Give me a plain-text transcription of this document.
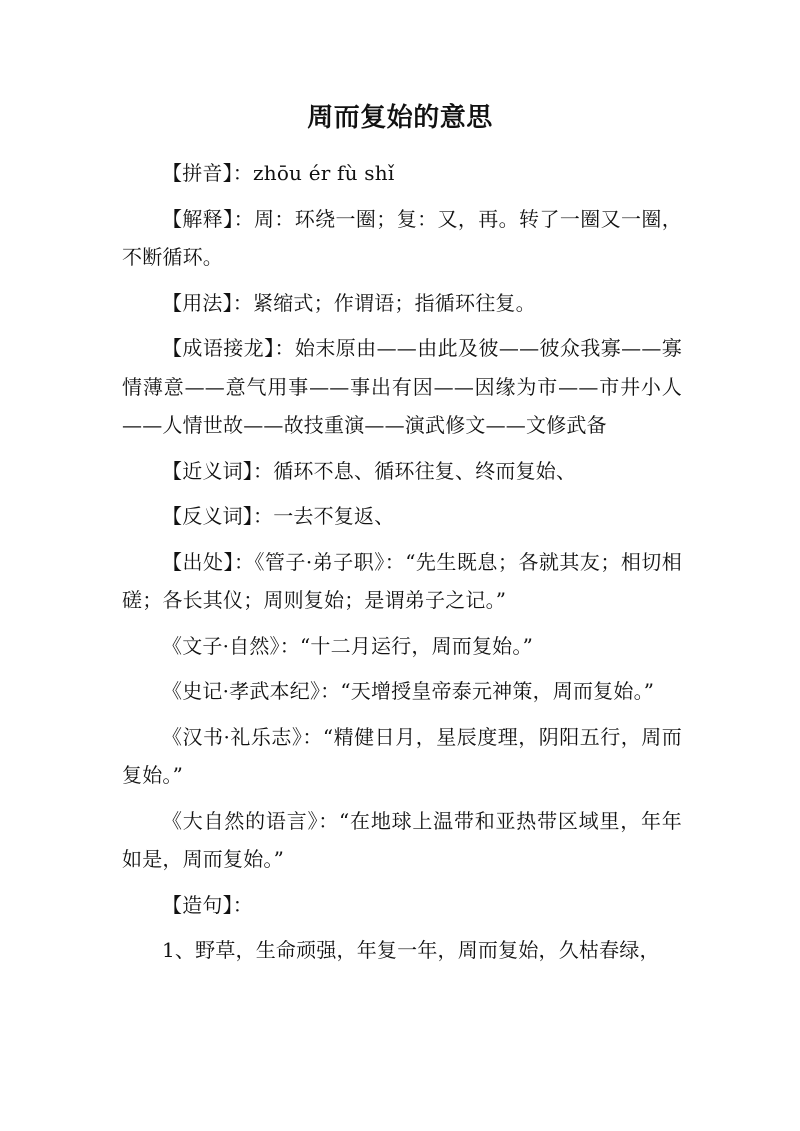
周而复始的意思

【拼音】：zhōu ér fù shǐ

【解释】：周：环绕一圈；复：又，再。转了一圈又一圈，不断循环。

【用法】：紧缩式；作谓语；指循环往复。

【成语接龙】：始末原由——由此及彼——彼众我寡——寡情薄意——意气用事——事出有因——因缘为市——市井小人——人情世故——故技重演——演武修文——文修武备

【近义词】：循环不息、循环往复、终而复始、

【反义词】：一去不复返、

【出处】：《管子·弟子职》：“先生既息；各就其友；相切相磋；各长其仪；周则复始；是谓弟子之记。”

《文子·自然》：“十二月运行，周而复始。”

《史记·孝武本纪》：“天增授皇帝泰元神策，周而复始。”

《汉书·礼乐志》：“精健日月，星辰度理，阴阳五行，周而复始。”

《大自然的语言》：“在地球上温带和亚热带区域里，年年如是，周而复始。”

【造句】：

1、野草，生命顽强，年复一年，周而复始，久枯春绿，
